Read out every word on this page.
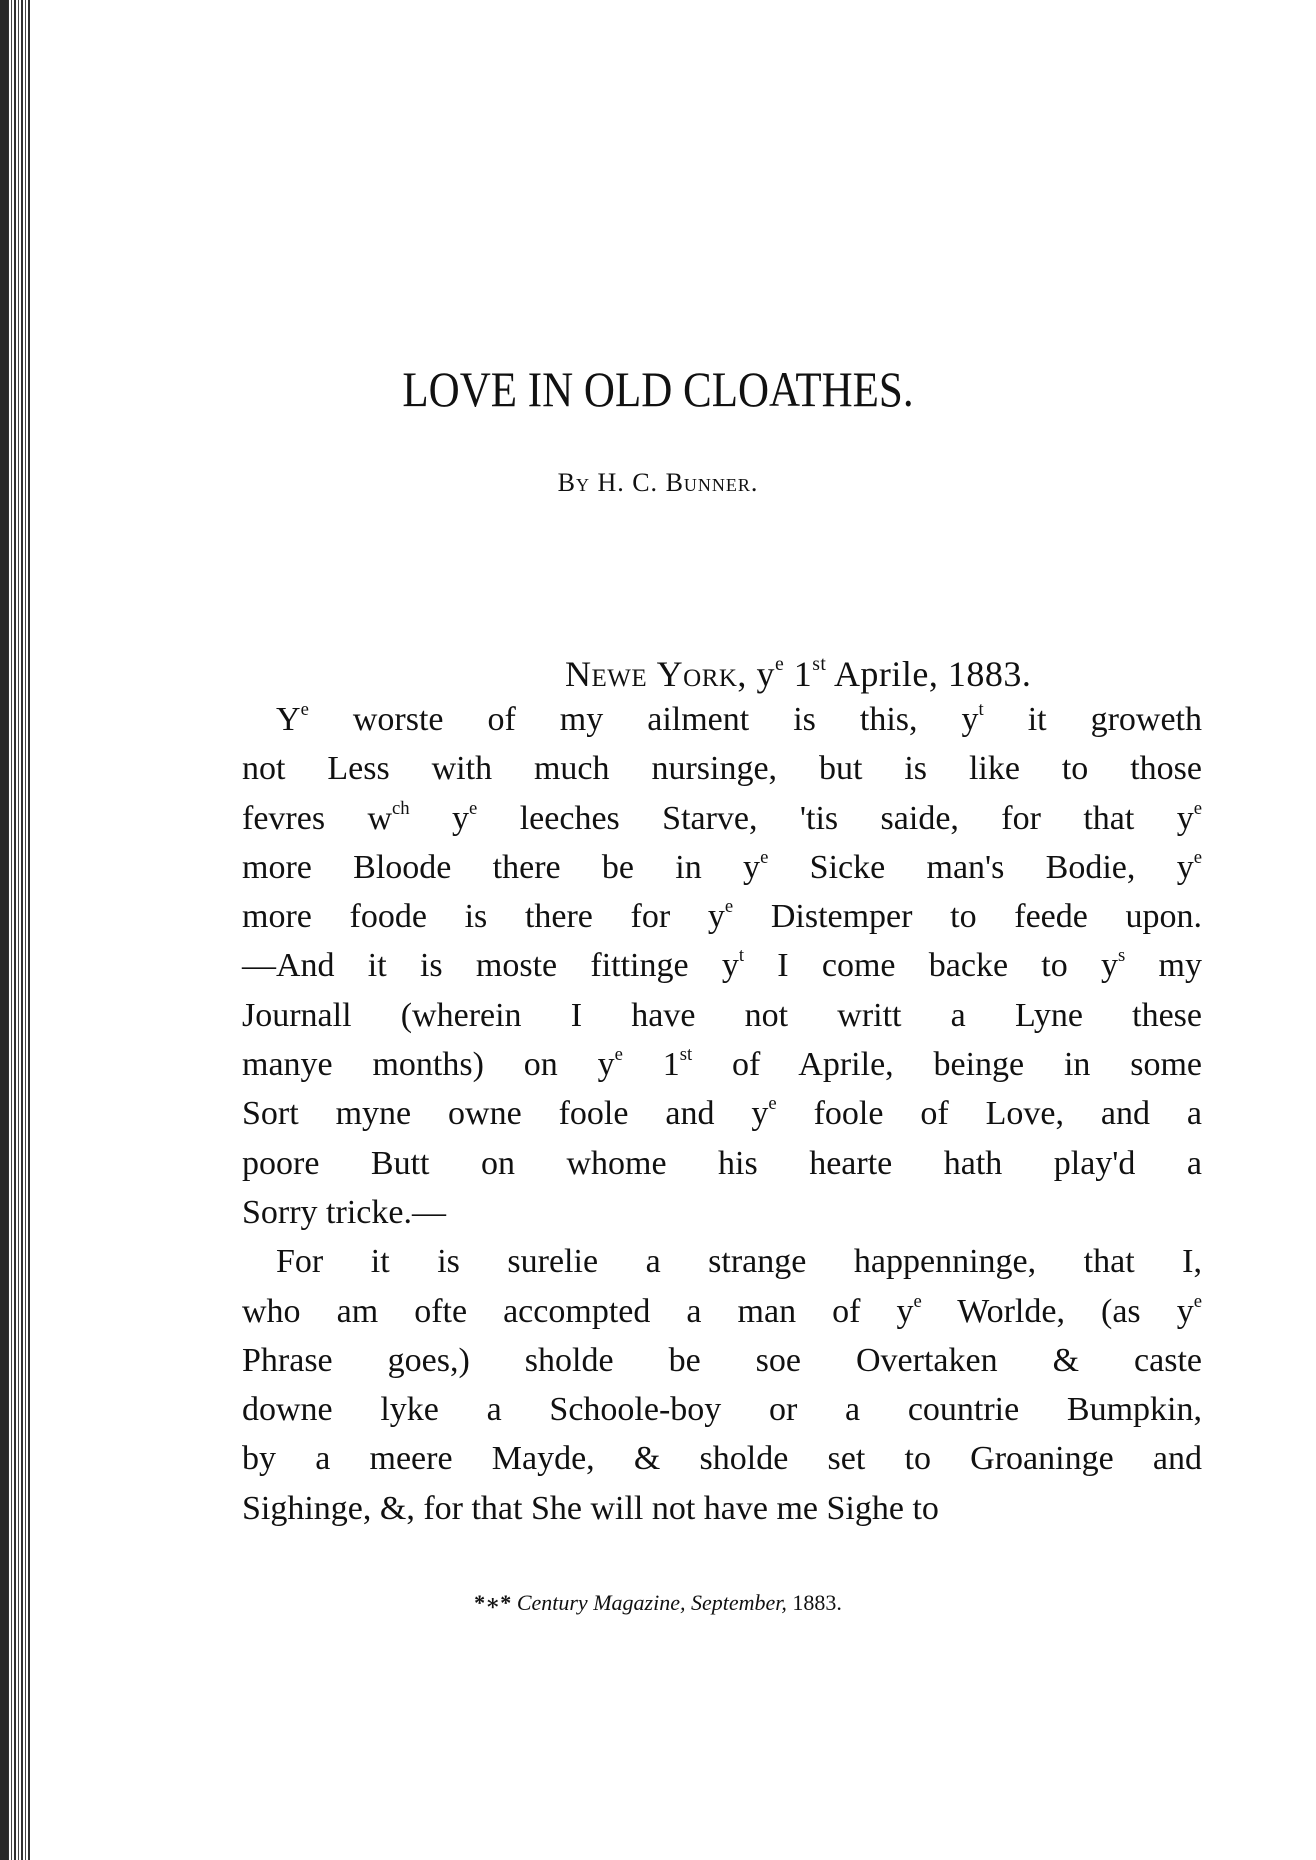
LOVE IN OLD CLOATHES.
By H. C. Bunner.
Newe York, $y^e$ 1st Aprile, 1883.

$Y^e$ worste of my ailment is this, $y^t$ it groweth
not Less with much nursinge, but is like to those
fevres $w^{ch}$ $y^e$ leeches Starve, 'tis saide, for that $y^e$
more Bloode there be in $y^e$ Sicke man's Bodie, $y^e$
more foode is there for $y^e$ Distemper to feede upon.
—And it is moste fittinge $y^t$ I come backe to $y^s$ my
Journall (wherein I have not writt a Lyne these
manye months) on $y^e$ 1st of Aprile, beinge in some
Sort myne owne foole and $y^e$ foole of Love, and a
poore Butt on whome his hearte hath play'd a
Sorry tricke.—

For it is surelie a strange happenninge, that I,
who am ofte accompted a man of $y^e$ Worlde, (as $y^e$
Phrase goes,) sholde be soe Overtaken & caste
downe lyke a Schoole-boy or a countrie Bumpkin,
by a meere Mayde, & sholde set to Groaninge and
Sighinge, &, for that She will not have me Sighe to

*∗* Century Magazine, September, 1883.
